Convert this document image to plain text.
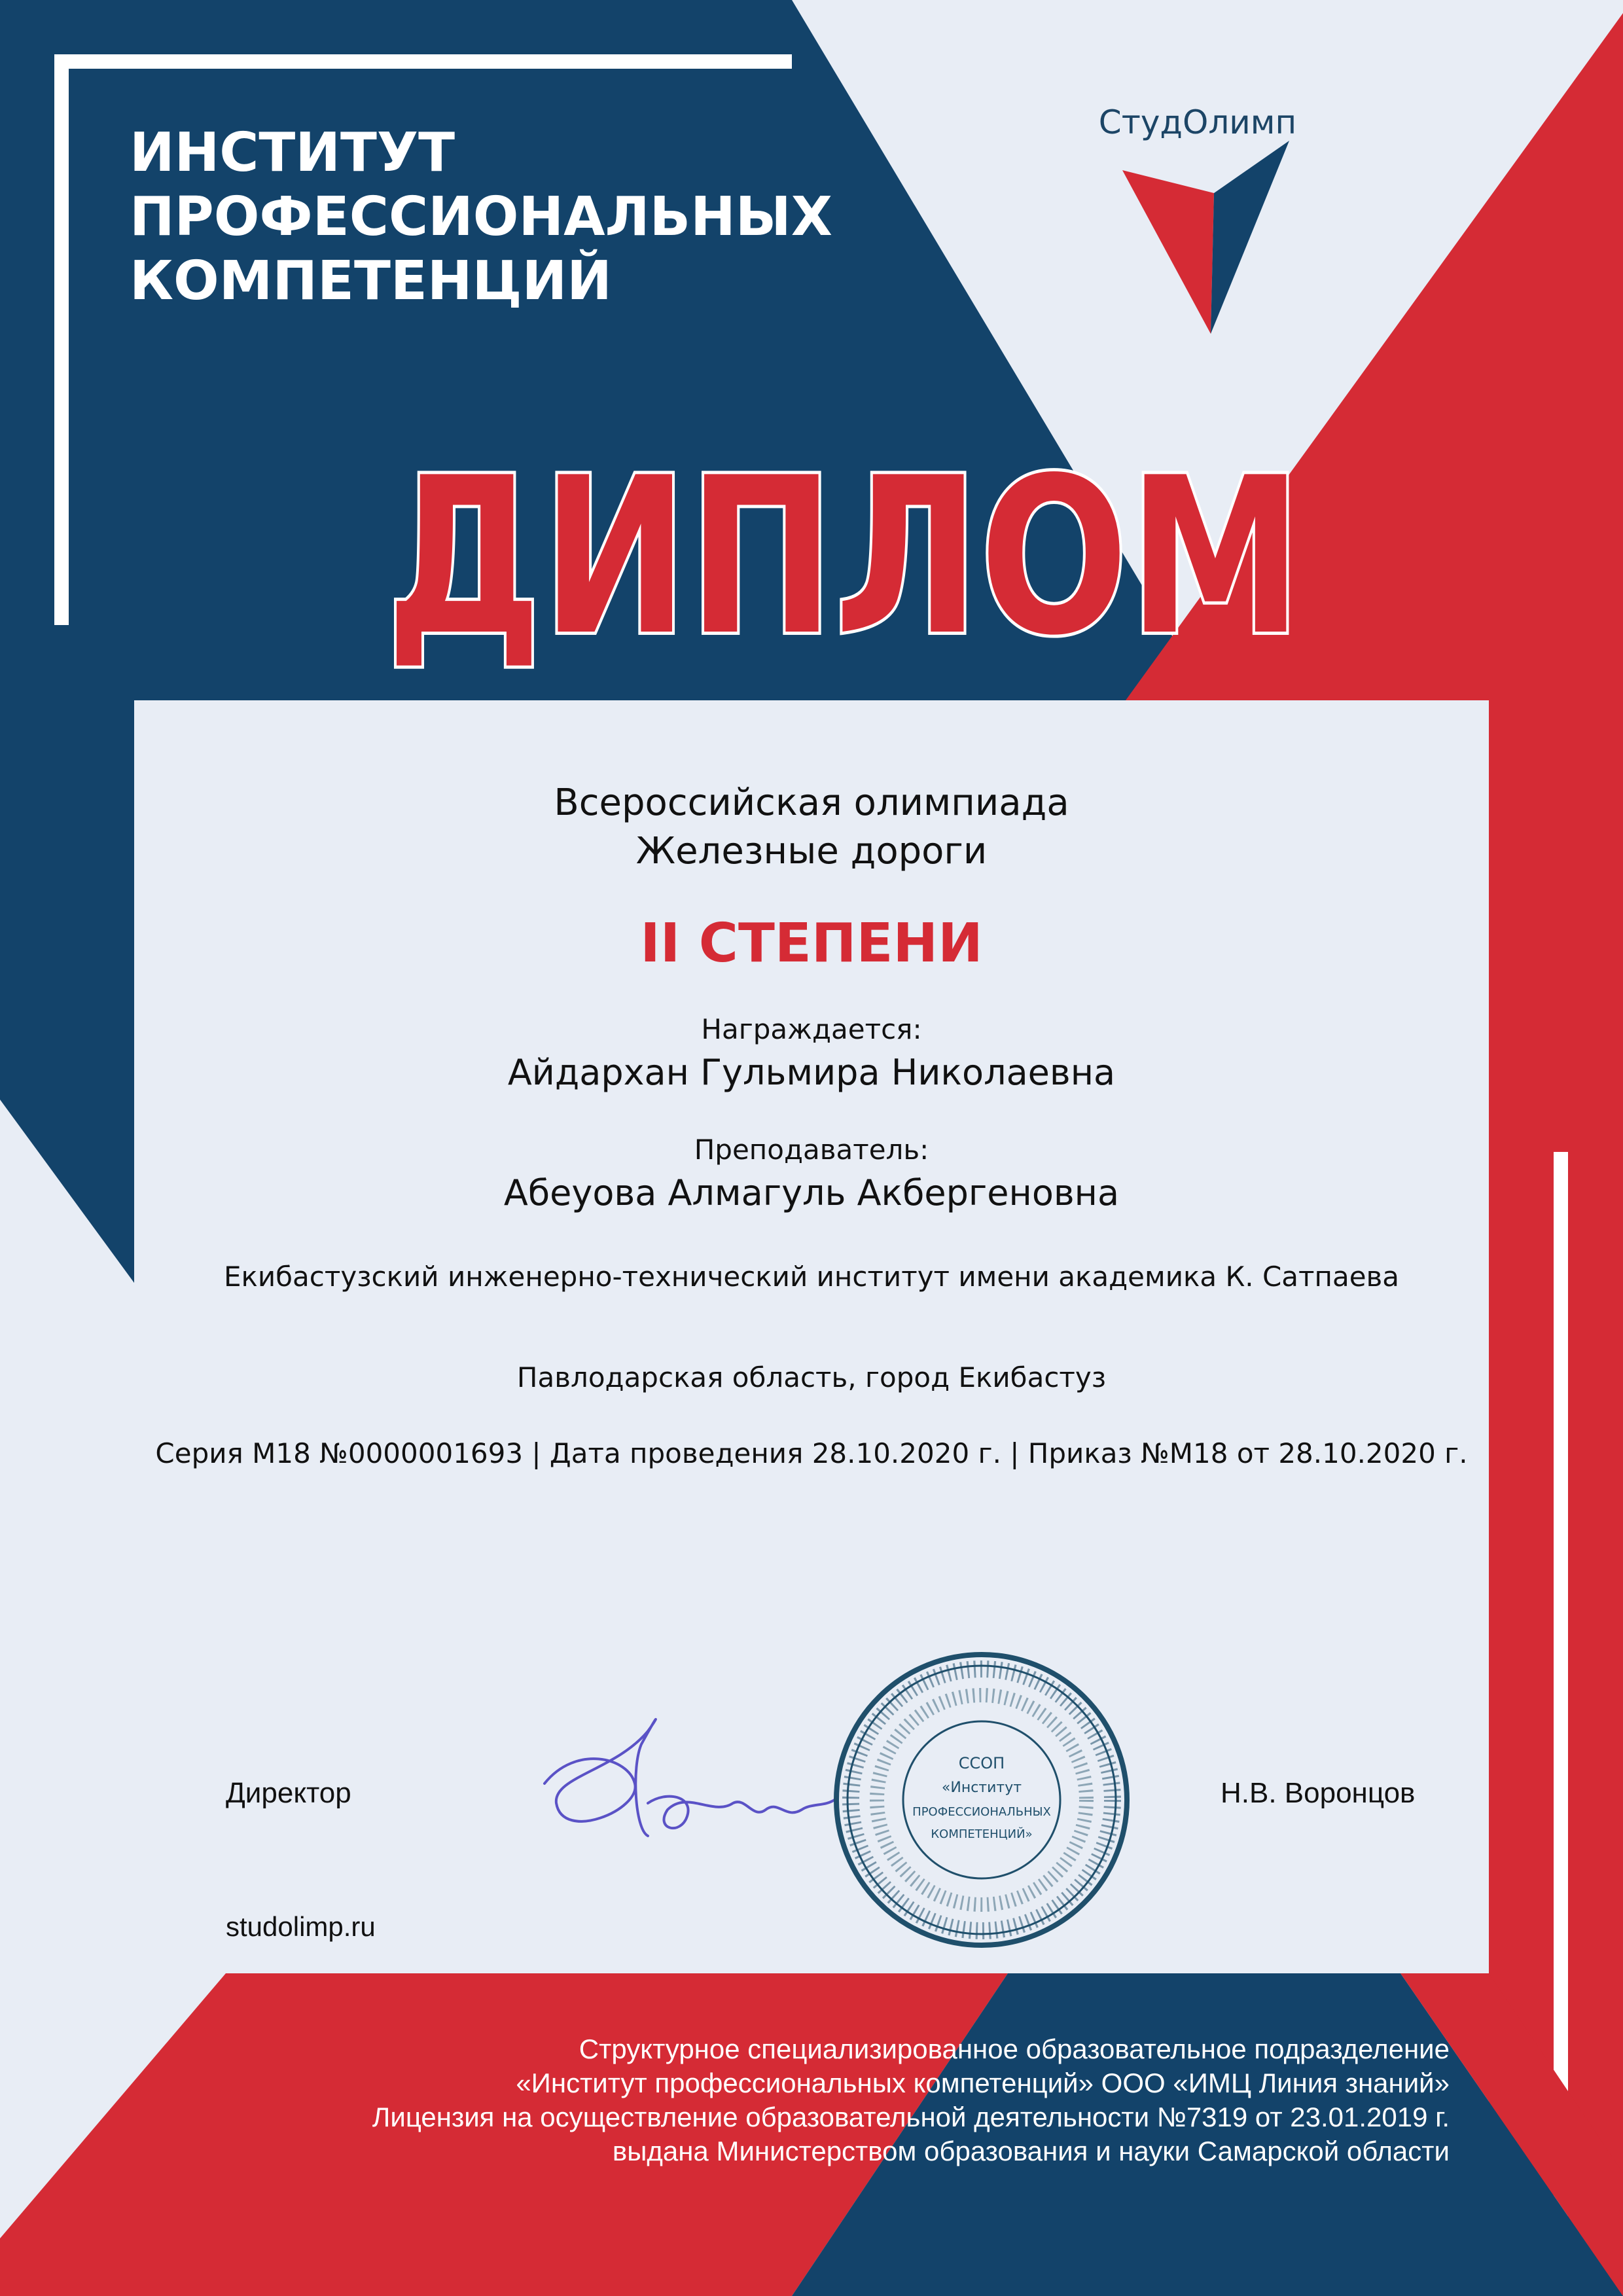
ИНСТИТУТ
ПРОФЕССИОНАЛЬНЫХ
КОМПЕТЕНЦИЙ
СтудОлимп
ДИПЛОМ

Всероссийская олимпиада
Железные дороги

II СТЕПЕНИ

Награждается:

Айдархан Гульмира Николаевна

Преподаватель:

Абеуова Алмагуль Акбергеновна

Екибастузский инженерно-технический институт имени академика К. Сатпаева

Павлодарская область, город Екибастуз

Серия М18 №0000001693 | Дата проведения 28.10.2020 г. | Приказ №М18 от 28.10.2020 г.

Директор
ССОП
«Институт
ПРОФЕССИОНАЛЬНЫХ
КОМПЕТЕНЦИЙ»
Н.В. Воронцов
studolimp.ru
Структурное специализированное образовательное подразделение
«Институт профессиональных компетенций» ООО «ИМЦ Линия знаний»
Лицензия на осуществление образовательной деятельности №7319 от 23.01.2019 г.
выдана Министерством образования и науки Самарской области
